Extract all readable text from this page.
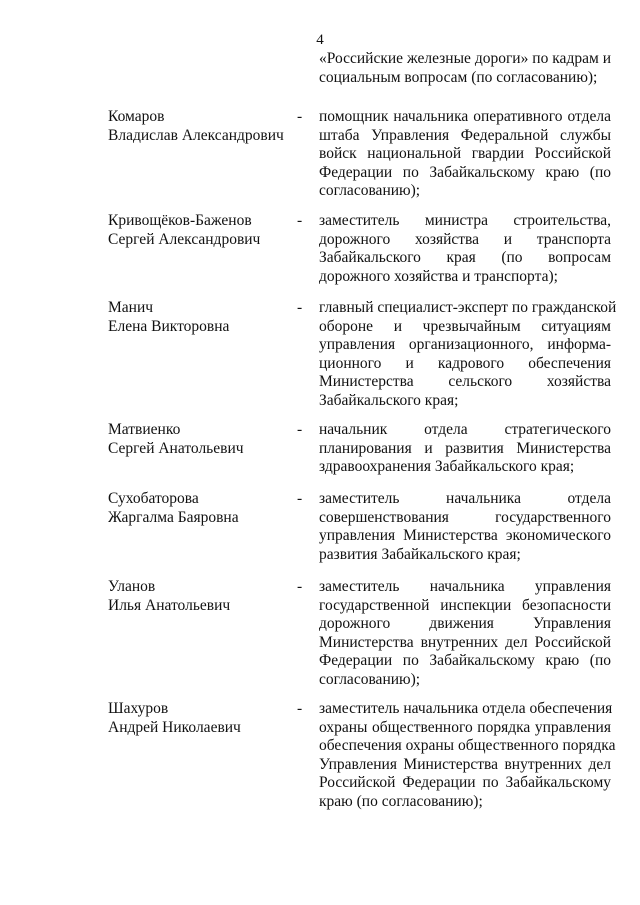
4
«Российские железные дороги» по кадрам и
социальным вопросам (по согласованию);
Комаров
Владислав Александрович
- помощник начальника оперативного отдела
штаба Управления Федеральной службы
войск национальной гвардии Российской
Федерации по Забайкальскому краю (по
согласованию);
Кривощёков-Баженов
Сергей Александрович
- заместитель министра строительства,
дорожного хозяйства и транспорта
Забайкальского края (по вопросам
дорожного хозяйства и транспорта);
Манич
Елена Викторовна
- главный специалист-эксперт по гражданской
обороне и чрезвычайным ситуациям
управления организационного, информа-
ционного и кадрового обеспечения
Министерства сельского хозяйства
Забайкальского края;
Матвиенко
Сергей Анатольевич
- начальник отдела стратегического
планирования и развития Министерства
здравоохранения Забайкальского края;
Сухобаторова
Жаргалма Баяровна
- заместитель начальника отдела
совершенствования государственного
управления Министерства экономического
развития Забайкальского края;
Уланов
Илья Анатольевич
- заместитель начальника управления
государственной инспекции безопасности
дорожного движения Управления
Министерства внутренних дел Российской
Федерации по Забайкальскому краю (по
согласованию);
Шахуров
Андрей Николаевич
- заместитель начальника отдела обеспечения
охраны общественного порядка управления
обеспечения охраны общественного порядка
Управления Министерства внутренних дел
Российской Федерации по Забайкальскому
краю (по согласованию);
